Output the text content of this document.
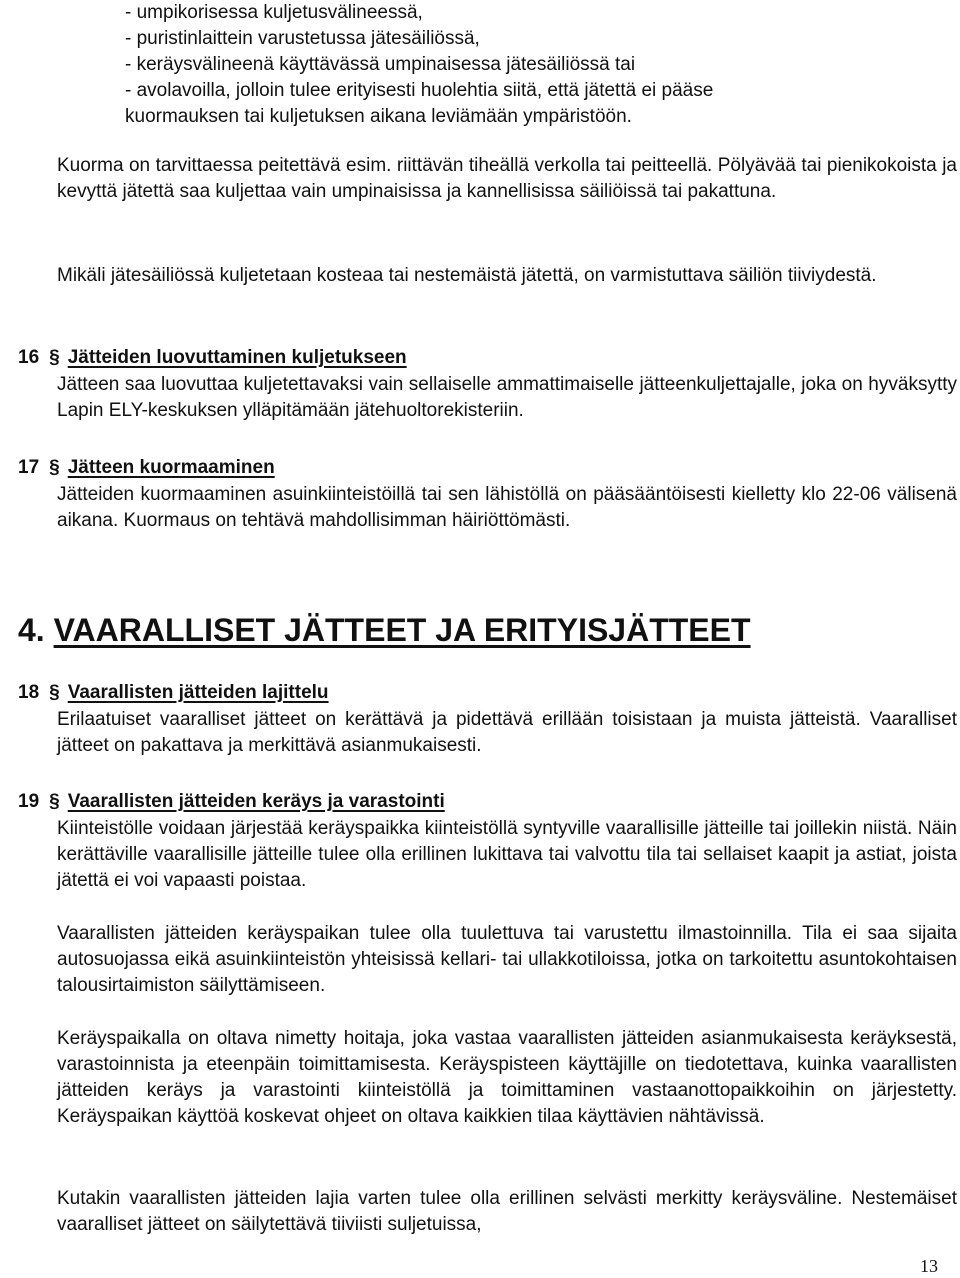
- umpikorisessa kuljetusvälineessä,
- puristinlaittein varustetussa jätesäiliössä,
- keräysvälineenä käyttävässä umpinaisessa jätesäiliössä tai
- avolavoilla, jolloin tulee erityisesti huolehtia siitä, että jätettä ei pääse
kuormauksen tai kuljetuksen aikana leviämään ympäristöön.
Kuorma on tarvittaessa peitettävä esim. riittävän tiheällä verkolla tai peitteellä. Pölyävää tai pienikokoista ja kevyttä jätettä saa kuljettaa vain umpinaisissa ja kannellisissa säiliöissä tai pakattuna.
Mikäli jätesäiliössä kuljetetaan kosteaa tai nestemäistä jätettä, on varmistuttava säiliön tiiviydestä.
16 § Jätteiden luovuttaminen kuljetukseen
Jätteen saa luovuttaa kuljetettavaksi vain sellaiselle ammattimaiselle jätteenkuljettajalle, joka on hyväksytty Lapin ELY-keskuksen ylläpitämään jätehuoltorekisteriin.
17 § Jätteen kuormaaminen
Jätteiden kuormaaminen asuinkiinteistöillä tai sen lähistöllä on pääsääntöisesti kielletty klo 22-06 välisenä aikana. Kuormaus on tehtävä mahdollisimman häiriöttömästi.
4. VAARALLISET JÄTTEET JA ERITYISJÄTTEET
18 § Vaarallisten jätteiden lajittelu
Erilaatuiset vaaralliset jätteet on kerättävä ja pidettävä erillään toisistaan ja muista jätteistä. Vaaralliset jätteet on pakattava ja merkittävä asianmukaisesti.
19 § Vaarallisten jätteiden keräys ja varastointi
Kiinteistölle voidaan järjestää keräyspaikka kiinteistöllä syntyville vaarallisille jätteille tai joillekin niistä. Näin kerättäville vaarallisille jätteille tulee olla erillinen lukittava tai valvottu tila tai sellaiset kaapit ja astiat, joista jätettä ei voi vapaasti poistaa.
Vaarallisten jätteiden keräyspaikan tulee olla tuulettuva tai varustettu ilmastoinnilla. Tila ei saa sijaita autosuojassa eikä asuinkiinteistön yhteisissä kellari- tai ullakkotiloissa, jotka on tarkoitettu asuntokohtaisen talousirtaimiston säilyttämiseen.
Keräyspaikalla on oltava nimetty hoitaja, joka vastaa vaarallisten jätteiden asianmukaisesta keräyksestä, varastoinnista ja eteenpäin toimittamisesta. Keräyspisteen käyttäjille on tiedotettava, kuinka vaarallisten jätteiden keräys ja varastointi kiinteistöllä ja toimittaminen vastaanottopaikkoihin on järjestetty. Keräyspaikan käyttöä koskevat ohjeet on oltava kaikkien tilaa käyttävien nähtävissä.
Kutakin vaarallisten jätteiden lajia varten tulee olla erillinen selvästi merkitty keräysväline. Nestemäiset vaaralliset jätteet on säilytettävä tiiviisti suljetuissa,
13
